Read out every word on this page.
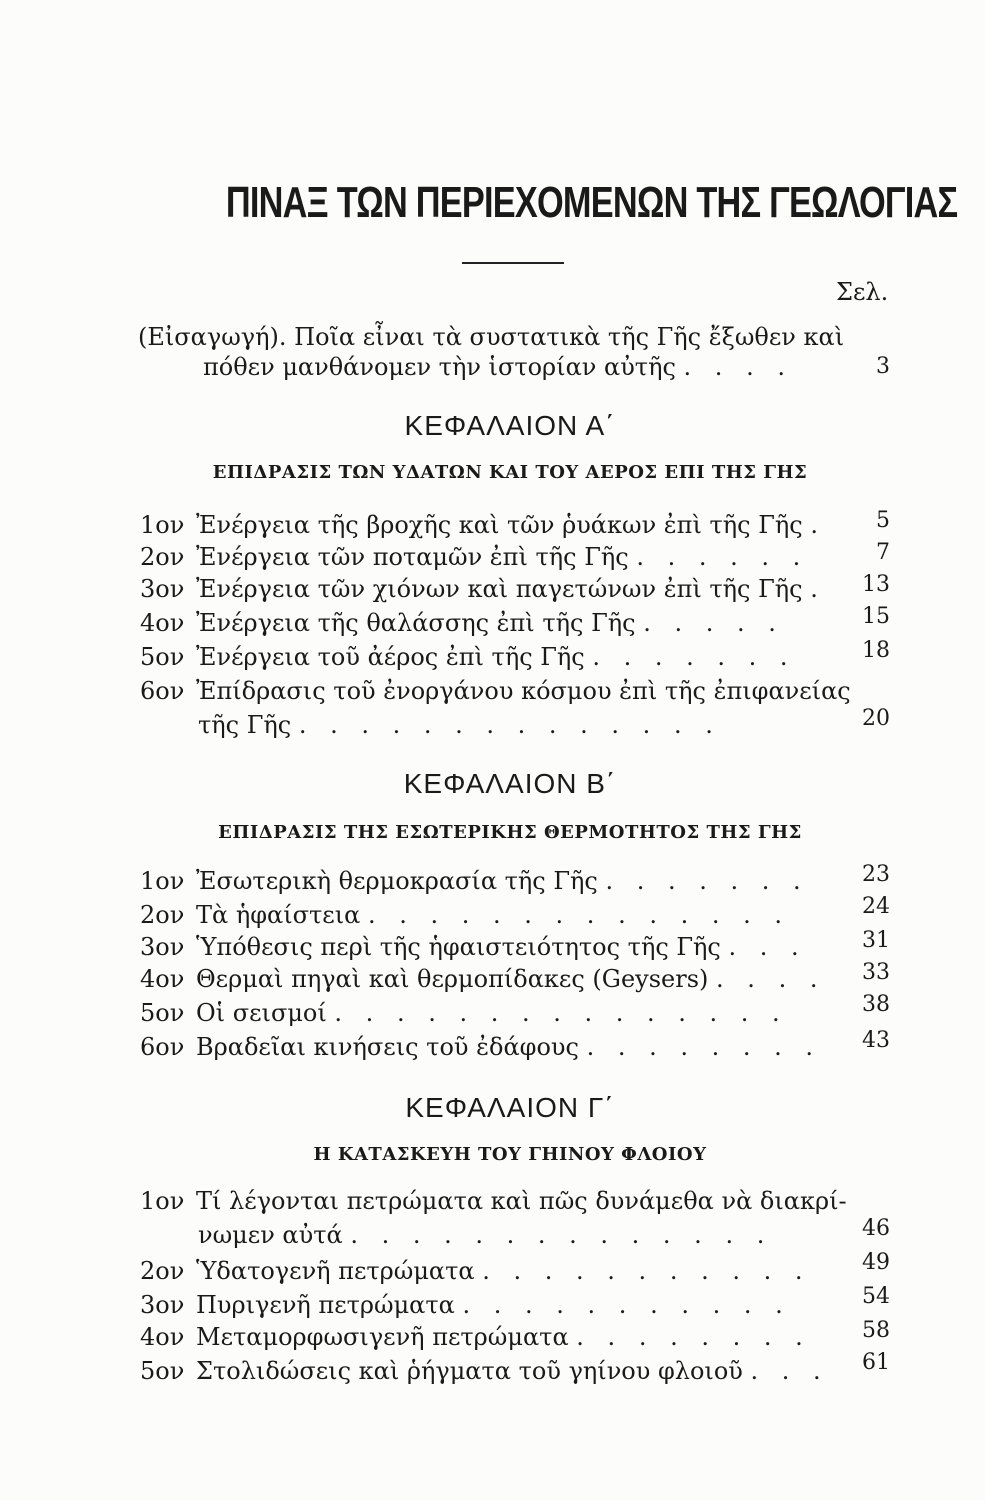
ΠΙΝΑΞ ΤΩΝ ΠΕΡΙΕΧΟΜΕΝΩΝ ΤΗΣ ΓΕΩΛΟΓΙΑΣ
Σελ.
(Εἰσαγωγή). Ποῖα εἶναι τὰ συστατικὰ τῆς Γῆς ἔξωθεν καὶ
πόθεν μανθάνομεν τὴν ἱστορίαν αὐτῆς . . . .	3
ΚΕΦΑΛΑΙΟΝ Α΄
ΕΠΙΔΡΑΣΙΣ ΤΩΝ ΥΔΑΤΩΝ ΚΑΙ ΤΟΥ ΑΕΡΟΣ ΕΠΙ ΤΗΣ ΓΗΣ
1ον Ἐνέργεια τῆς βροχῆς καὶ τῶν ῥυάκων ἐπὶ τῆς Γῆς .	5
2ον Ἐνέργεια τῶν ποταμῶν ἐπὶ τῆς Γῆς . . . . . .	7
3ον Ἐνέργεια τῶν χιόνων καὶ παγετώνων ἐπὶ τῆς Γῆς .	13
4ον Ἐνέργεια τῆς θαλάσσης ἐπὶ τῆς Γῆς . . . . .	15
5ον Ἐνέργεια τοῦ ἀέρος ἐπὶ τῆς Γῆς . . . . . . .	18
6ον Ἐπίδρασις τοῦ ἐνοργάνου κόσμου ἐπὶ τῆς ἐπιφανείας
τῆς Γῆς . . . . . . . . . . . . . .	20
ΚΕΦΑΛΑΙΟΝ Β΄
ΕΠΙΔΡΑΣΙΣ ΤΗΣ ΕΣΩΤΕΡΙΚΗΣ ΘΕΡΜΟΤΗΤΟΣ ΤΗΣ ΓΗΣ
1ον Ἐσωτερικὴ θερμοκρασία τῆς Γῆς . . . . . . .	23
2ον Τὰ ἡφαίστεια . . . . . . . . . . . . . .	24
3ον Ὑπόθεσις περὶ τῆς ἡφαιστειότητος τῆς Γῆς . . .	31
4ον Θερμαὶ πηγαὶ καὶ θερμοπίδακες (Geysers) . . . .	33
5ον Οἱ σεισμοί . . . . . . . . . . . . . . .	38
6ον Βραδεῖαι κινήσεις τοῦ ἐδάφους . . . . . . . .	43
ΚΕΦΑΛΑΙΟΝ Γ΄
Η ΚΑΤΑΣΚΕΥΗ ΤΟΥ ΓΗΙΝΟΥ ΦΛΟΙΟΥ
1ον Τί λέγονται πετρώματα καὶ πῶς δυνάμεθα νὰ διακρί-
νωμεν αὐτά . . . . . . . . . . . . . .	46
2ον Ὑδατογενῆ πετρώματα . . . . . . . . . . .	49
3ον Πυριγενῆ πετρώματα . . . . . . . . . . .	54
4ον Μεταμορφωσιγενῆ πετρώματα . . . . . . . .	58
5ον Στολιδώσεις καὶ ῥήγματα τοῦ γηίνου φλοιοῦ . . .	61
